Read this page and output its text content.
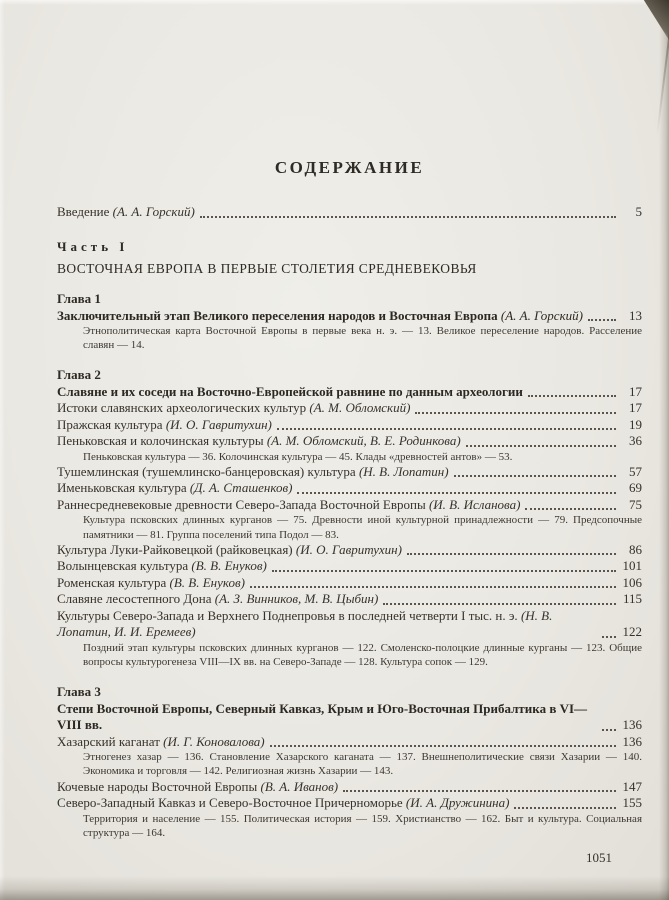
СОДЕРЖАНИЕ
Введение (А. А. Горский)	5
Часть I
ВОСТОЧНАЯ ЕВРОПА В ПЕРВЫЕ СТОЛЕТИЯ СРЕДНЕВЕКОВЬЯ
Глава 1
Заключительный этап Великого переселения народов и Восточная Европа (А. А. Горский)	13
Этнополитическая карта Восточной Европы в первые века н. э. — 13. Великое переселение народов. Расселение славян — 14.
Глава 2
Славяне и их соседи на Восточно-Европейской равнине по данным археологии	17
Истоки славянских археологических культур (А. М. Обломский)	17
Пражская культура (И. О. Гавритухин)	19
Пеньковская и колочинская культуры (А. М. Обломский, В. Е. Родинкова)	36
Пеньковская культура — 36. Колочинская культура — 45. Клады «древностей антов» — 53.
Тушемлинская (тушемлинско-банцеровская) культура (Н. В. Лопатин)	57
Именьковская культура (Д. А. Сташенков)	69
Раннесредневековые древности Северо-Запада Восточной Европы (И. В. Исланова)	75
Культура псковских длинных курганов — 75. Древности иной культурной принадлежности — 79. Предсопочные памятники — 81. Группа поселений типа Подол — 83.
Культура Луки-Райковецкой (райковецкая) (И. О. Гавритухин)	86
Волынцевская культура (В. В. Енуков)	101
Роменская культура (В. В. Енуков)	106
Славяне лесостепного Дона (А. З. Винников, М. В. Цыбин)	115
Культуры Северо-Запада и Верхнего Поднепровья в последней четверти I тыс. н. э. (Н. В. Лопатин, И. И. Еремеев)	122
Поздний этап культуры псковских длинных курганов — 122. Смоленско-полоцкие длинные курганы — 123. Общие вопросы культурогенеза VIII—IX вв. на Северо-Западе — 128. Культура сопок — 129.
Глава 3
Степи Восточной Европы, Северный Кавказ, Крым и Юго-Восточная Прибалтика в VI—VIII вв.	136
Хазарский каганат (И. Г. Коновалова)	136
Этногенез хазар — 136. Становление Хазарского каганата — 137. Внешнеполитические связи Хазарии — 140. Экономика и торговля — 142. Религиозная жизнь Хазарии — 143.
Кочевые народы Восточной Европы (В. А. Иванов)	147
Северо-Западный Кавказ и Северо-Восточное Причерноморье (И. А. Дружинина)	155
Территория и население — 155. Политическая история — 159. Христианство — 162. Быт и культура. Социальная структура — 164.
1051
